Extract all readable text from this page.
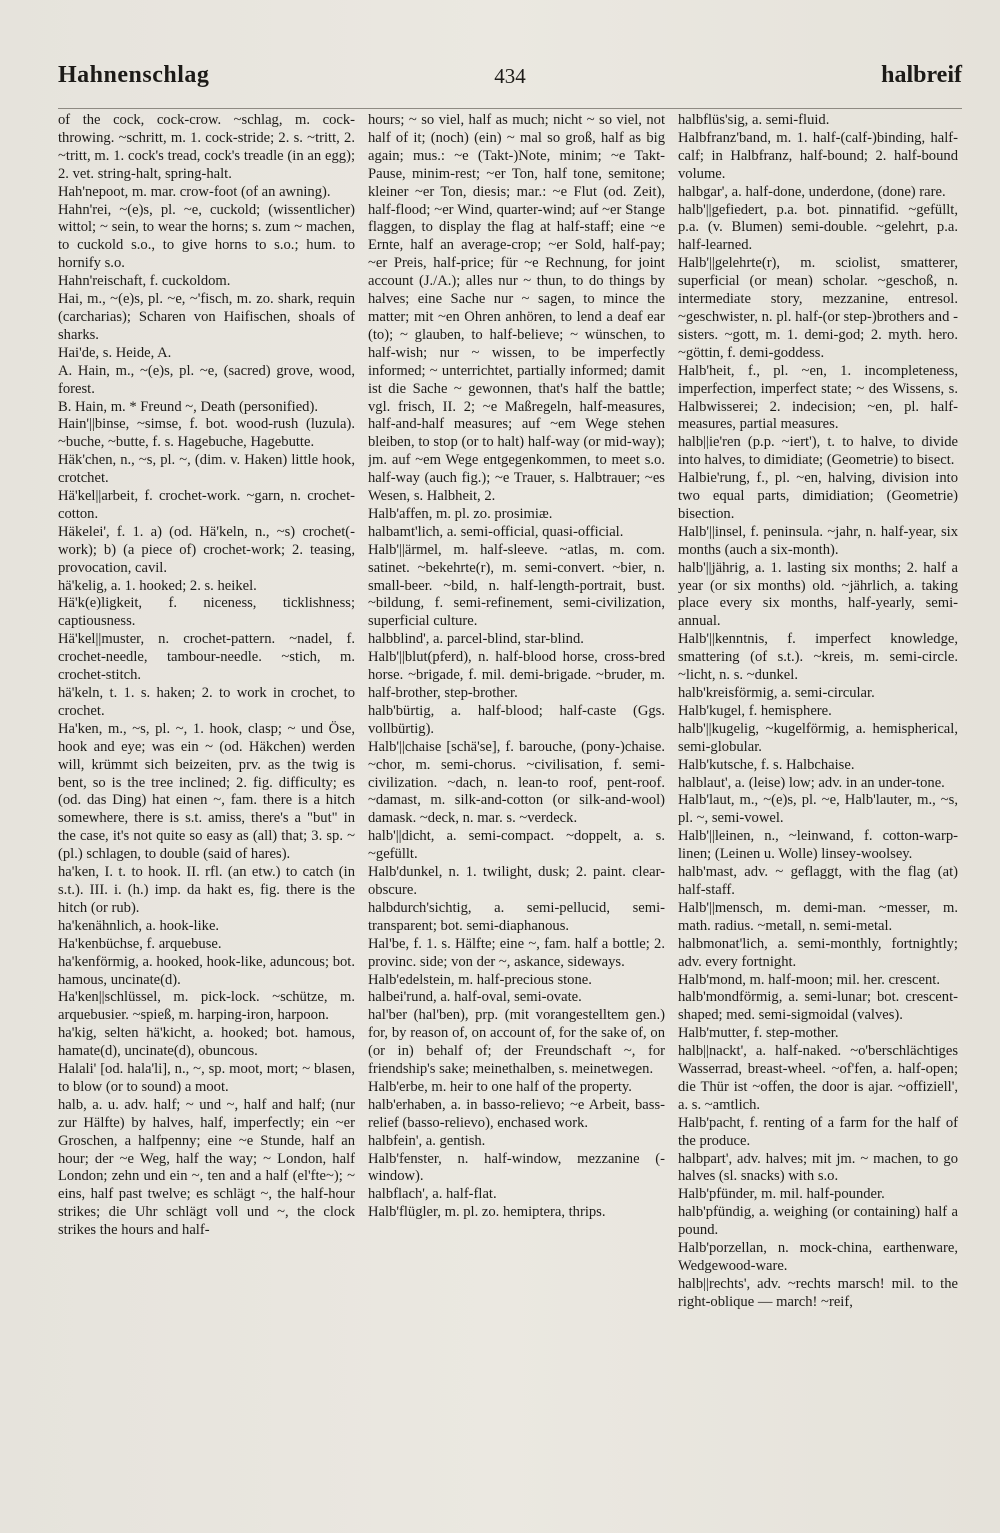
Hahnenschlag	434	halbreif

of the cock, cock-crow. ~schlag, m. cock-throwing. ~schritt, m. 1. cock-stride; 2. s. ~tritt, 2. ~tritt, m. 1. cock's tread, cock's treadle (in an egg); 2. vet. string-halt, spring-halt.

Hah'nepoot, m. mar. crow-foot (of an awning).

Hahn'rei, ~(e)s, pl. ~e, cuckold; (wissentlicher) wittol; ~ sein, to wear the horns; s. zum ~ machen, to cuckold s.o., to give horns to s.o.; hum. to hornify s.o.

Hahn'reischaft, f. cuckoldom.

Hai, m., ~(e)s, pl. ~e, ~'fisch, m. zo. shark, requin (carcharias); Scharen von Haifischen, shoals of sharks.

Hai'de, s. Heide, A.

A. Hain, m., ~(e)s, pl. ~e, (sacred) grove, wood, forest.

B. Hain, m. * Freund ~, Death (personified).

Hain'||binse, ~simse, f. bot. wood-rush (luzula). ~buche, ~butte, f. s. Hagebuche, Hagebutte.

Häk'chen, n., ~s, pl. ~, (dim. v. Haken) little hook, crotchet.

Hä'kel||arbeit, f. crochet-work. ~garn, n. crochet-cotton.

Häkelei', f. 1. a) (od. Hä'keln, n., ~s) crochet(-work); b) (a piece of) crochet-work; 2. teasing, provocation, cavil.

hä'kelig, a. 1. hooked; 2. s. heikel.

Hä'k(e)ligkeit, f. niceness, ticklishness; captiousness.

Hä'kel||muster, n. crochet-pattern. ~nadel, f. crochet-needle, tambour-needle. ~stich, m. crochet-stitch.

hä'keln, t. 1. s. haken; 2. to work in crochet, to crochet.

Ha'ken, m., ~s, pl. ~, 1. hook, clasp; ~ und Öse, hook and eye; was ein ~ (od. Häkchen) werden will, krümmt sich beizeiten, prv. as the twig is bent, so is the tree inclined; 2. fig. difficulty; es (od. das Ding) hat einen ~, fam. there is a hitch somewhere, there is s.t. amiss, there's a "but" in the case, it's not quite so easy as (all) that; 3. sp. ~ (pl.) schlagen, to double (said of hares).

ha'ken, I. t. to hook. II. rfl. (an etw.) to catch (in s.t.). III. i. (h.) imp. da hakt es, fig. there is the hitch (or rub).

ha'kenähnlich, a. hook-like.

Ha'kenbüchse, f. arquebuse.

ha'kenförmig, a. hooked, hook-like, aduncous; bot. hamous, uncinate(d).

Ha'ken||schlüssel, m. pick-lock. ~schütze, m. arquebusier. ~spieß, m. harping-iron, harpoon.

ha'kig, selten hä'kicht, a. hooked; bot. hamous, hamate(d), uncinate(d), obuncous.

Halali' [od. hala'li], n., ~, sp. moot, mort; ~ blasen, to blow (or to sound) a moot.

halb, a. u. adv. half; ~ und ~, half and half; (nur zur Hälfte) by halves, half, imperfectly; ein ~er Groschen, a halfpenny; eine ~e Stunde, half an hour; der ~e Weg, half the way; ~ London, half London; zehn und ein ~, ten and a half (el'fte~); ~ eins, half past twelve; es schlägt ~, the half-hour strikes; die Uhr schlägt voll und ~, the clock strikes the hours and half-

hours; ~ so viel, half as much; nicht ~ so viel, not half of it; (noch) (ein) ~ mal so groß, half as big again; mus.: ~e (Takt-)Note, minim; ~e Takt-Pause, minim-rest; ~er Ton, half tone, semitone; kleiner ~er Ton, diesis; mar.: ~e Flut (od. Zeit), half-flood; ~er Wind, quarter-wind; auf ~er Stange flaggen, to display the flag at half-staff; eine ~e Ernte, half an average-crop; ~er Sold, half-pay; ~er Preis, half-price; für ~e Rechnung, for joint account (J./A.); alles nur ~ thun, to do things by halves; eine Sache nur ~ sagen, to mince the matter; mit ~en Ohren anhören, to lend a deaf ear (to); ~ glauben, to half-believe; ~ wünschen, to half-wish; nur ~ wissen, to be imperfectly informed; ~ unterrichtet, partially informed; damit ist die Sache ~ gewonnen, that's half the battle; vgl. frisch, II. 2; ~e Maßregeln, half-measures, half-and-half measures; auf ~em Wege stehen bleiben, to stop (or to halt) half-way (or mid-way); jm. auf ~em Wege entgegenkommen, to meet s.o. half-way (auch fig.); ~e Trauer, s. Halbtrauer; ~es Wesen, s. Halbheit, 2.

Halb'affen, m. pl. zo. prosimiæ.

halbamt'lich, a. semi-official, quasi-official.

Halb'||ärmel, m. half-sleeve. ~atlas, m. com. satinet. ~bekehrte(r), m. semi-convert. ~bier, n. small-beer. ~bild, n. half-length-portrait, bust. ~bildung, f. semi-refinement, semi-civilization, superficial culture.

halbblind', a. parcel-blind, star-blind.

Halb'||blut(pferd), n. half-blood horse, cross-bred horse. ~brigade, f. mil. demi-brigade. ~bruder, m. half-brother, step-brother.

halb'bürtig, a. half-blood; half-caste (Ggs. vollbürtig).

Halb'||chaise [schä'se], f. barouche, (pony-)chaise. ~chor, m. semi-chorus. ~civilisation, f. semi-civilization. ~dach, n. lean-to roof, pent-roof. ~damast, m. silk-and-cotton (or silk-and-wool) damask. ~deck, n. mar. s. ~verdeck.

halb'||dicht, a. semi-compact. ~doppelt, a. s. ~gefüllt.

Halb'dunkel, n. 1. twilight, dusk; 2. paint. clear-obscure.

halbdurch'sichtig, a. semi-pellucid, semi-transparent; bot. semi-diaphanous.

Hal'be, f. 1. s. Hälfte; eine ~, fam. half a bottle; 2. provinc. side; von der ~, askance, sideways.

Halb'edelstein, m. half-precious stone.

halbei'rund, a. half-oval, semi-ovate.

hal'ber (hal'ben), prp. (mit vorangestelltem gen.) for, by reason of, on account of, for the sake of, on (or in) behalf of; der Freundschaft ~, for friendship's sake; meinethalben, s. meinetwegen.

Halb'erbe, m. heir to one half of the property.

halb'erhaben, a. in basso-relievo; ~e Arbeit, bass-relief (basso-relievo), enchased work.

halbfein', a. gentish.

Halb'fenster, n. half-window, mezzanine (-window).

halbflach', a. half-flat.

Halb'flügler, m. pl. zo. hemiptera, thrips.

halbflüs'sig, a. semi-fluid.

Halbfranz'band, m. 1. half-(calf-)binding, half-calf; in Halbfranz, half-bound; 2. half-bound volume.

halbgar', a. half-done, underdone, (done) rare.

halb'||gefiedert, p.a. bot. pinnatifid. ~gefüllt, p.a. (v. Blumen) semi-double. ~gelehrt, p.a. half-learned.

Halb'||gelehrte(r), m. sciolist, smatterer, superficial (or mean) scholar. ~geschoß, n. intermediate story, mezzanine, entresol. ~geschwister, n. pl. half-(or step-)brothers and -sisters. ~gott, m. 1. demi-god; 2. myth. hero. ~göttin, f. demi-goddess.

Halb'heit, f., pl. ~en, 1. incompleteness, imperfection, imperfect state; ~ des Wissens, s. Halbwisserei; 2. indecision; ~en, pl. half-measures, partial measures.

halb||ie'ren (p.p. ~iert'), t. to halve, to divide into halves, to dimidiate; (Geometrie) to bisect.

Halbie'rung, f., pl. ~en, halving, division into two equal parts, dimidiation; (Geometrie) bisection.

Halb'||insel, f. peninsula. ~jahr, n. half-year, six months (auch a six-month).

halb'||jährig, a. 1. lasting six months; 2. half a year (or six months) old. ~jährlich, a. taking place every six months, half-yearly, semi-annual.

Halb'||kenntnis, f. imperfect knowledge, smattering (of s.t.). ~kreis, m. semi-circle. ~licht, n. s. ~dunkel.

halb'kreisförmig, a. semi-circular.

Halb'kugel, f. hemisphere.

halb'||kugelig, ~kugelförmig, a. hemispherical, semi-globular.

Halb'kutsche, f. s. Halbchaise.

halblaut', a. (leise) low; adv. in an under-tone.

Halb'laut, m., ~(e)s, pl. ~e, Halb'lauter, m., ~s, pl. ~, semi-vowel.

Halb'||leinen, n., ~leinwand, f. cotton-warp-linen; (Leinen u. Wolle) linsey-woolsey.

halb'mast, adv. ~ geflaggt, with the flag (at) half-staff.

Halb'||mensch, m. demi-man. ~messer, m. math. radius. ~metall, n. semi-metal.

halbmonat'lich, a. semi-monthly, fortnightly; adv. every fortnight.

Halb'mond, m. half-moon; mil. her. crescent.

halb'mondförmig, a. semi-lunar; bot. crescent-shaped; med. semi-sigmoidal (valves).

Halb'mutter, f. step-mother.

halb||nackt', a. half-naked. ~o'berschlächtiges Wasserrad, breast-wheel. ~of'fen, a. half-open; die Thür ist ~offen, the door is ajar. ~offiziell', a. s. ~amtlich.

Halb'pacht, f. renting of a farm for the half of the produce.

halbpart', adv. halves; mit jm. ~ machen, to go halves (sl. snacks) with s.o.

Halb'pfünder, m. mil. half-pounder.

halb'pfündig, a. weighing (or containing) half a pound.

Halb'porzellan, n. mock-china, earthenware, Wedgewood-ware.

halb||rechts', adv. ~rechts marsch! mil. to the right-oblique — march! ~reif,
